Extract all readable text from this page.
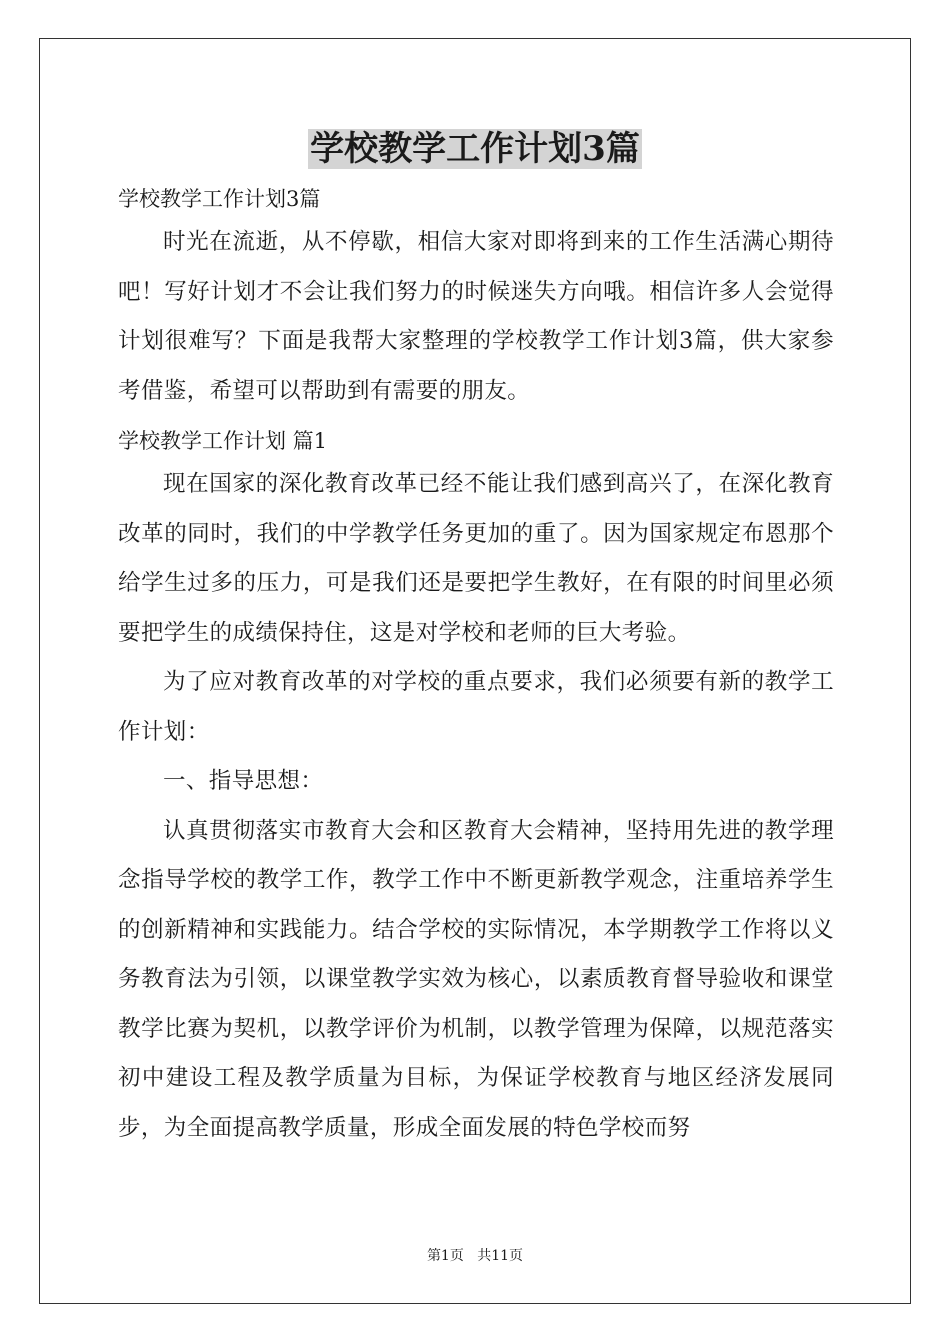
学校教学工作计划3篇

学校教学工作计划3篇

时光在流逝，从不停歇，相信大家对即将到来的工作生活满心期待吧！写好计划才不会让我们努力的时候迷失方向哦。相信许多人会觉得计划很难写？下面是我帮大家整理的学校教学工作计划3篇，供大家参考借鉴，希望可以帮助到有需要的朋友。

学校教学工作计划 篇1

现在国家的深化教育改革已经不能让我们感到高兴了，在深化教育改革的同时，我们的中学教学任务更加的重了。因为国家规定布恩那个给学生过多的压力，可是我们还是要把学生教好，在有限的时间里必须要把学生的成绩保持住，这是对学校和老师的巨大考验。

为了应对教育改革的对学校的重点要求，我们必须要有新的教学工作计划：

一、指导思想：

认真贯彻落实市教育大会和区教育大会精神，坚持用先进的教学理念指导学校的教学工作，教学工作中不断更新教学观念，注重培养学生的创新精神和实践能力。结合学校的实际情况，本学期教学工作将以义务教育法为引领，以课堂教学实效为核心，以素质教育督导验收和课堂教学比赛为契机，以教学评价为机制，以教学管理为保障，以规范落实初中建设工程及教学质量为目标，为保证学校教育与地区经济发展同步，为全面提高教学质量，形成全面发展的特色学校而努

第1页 共11页
